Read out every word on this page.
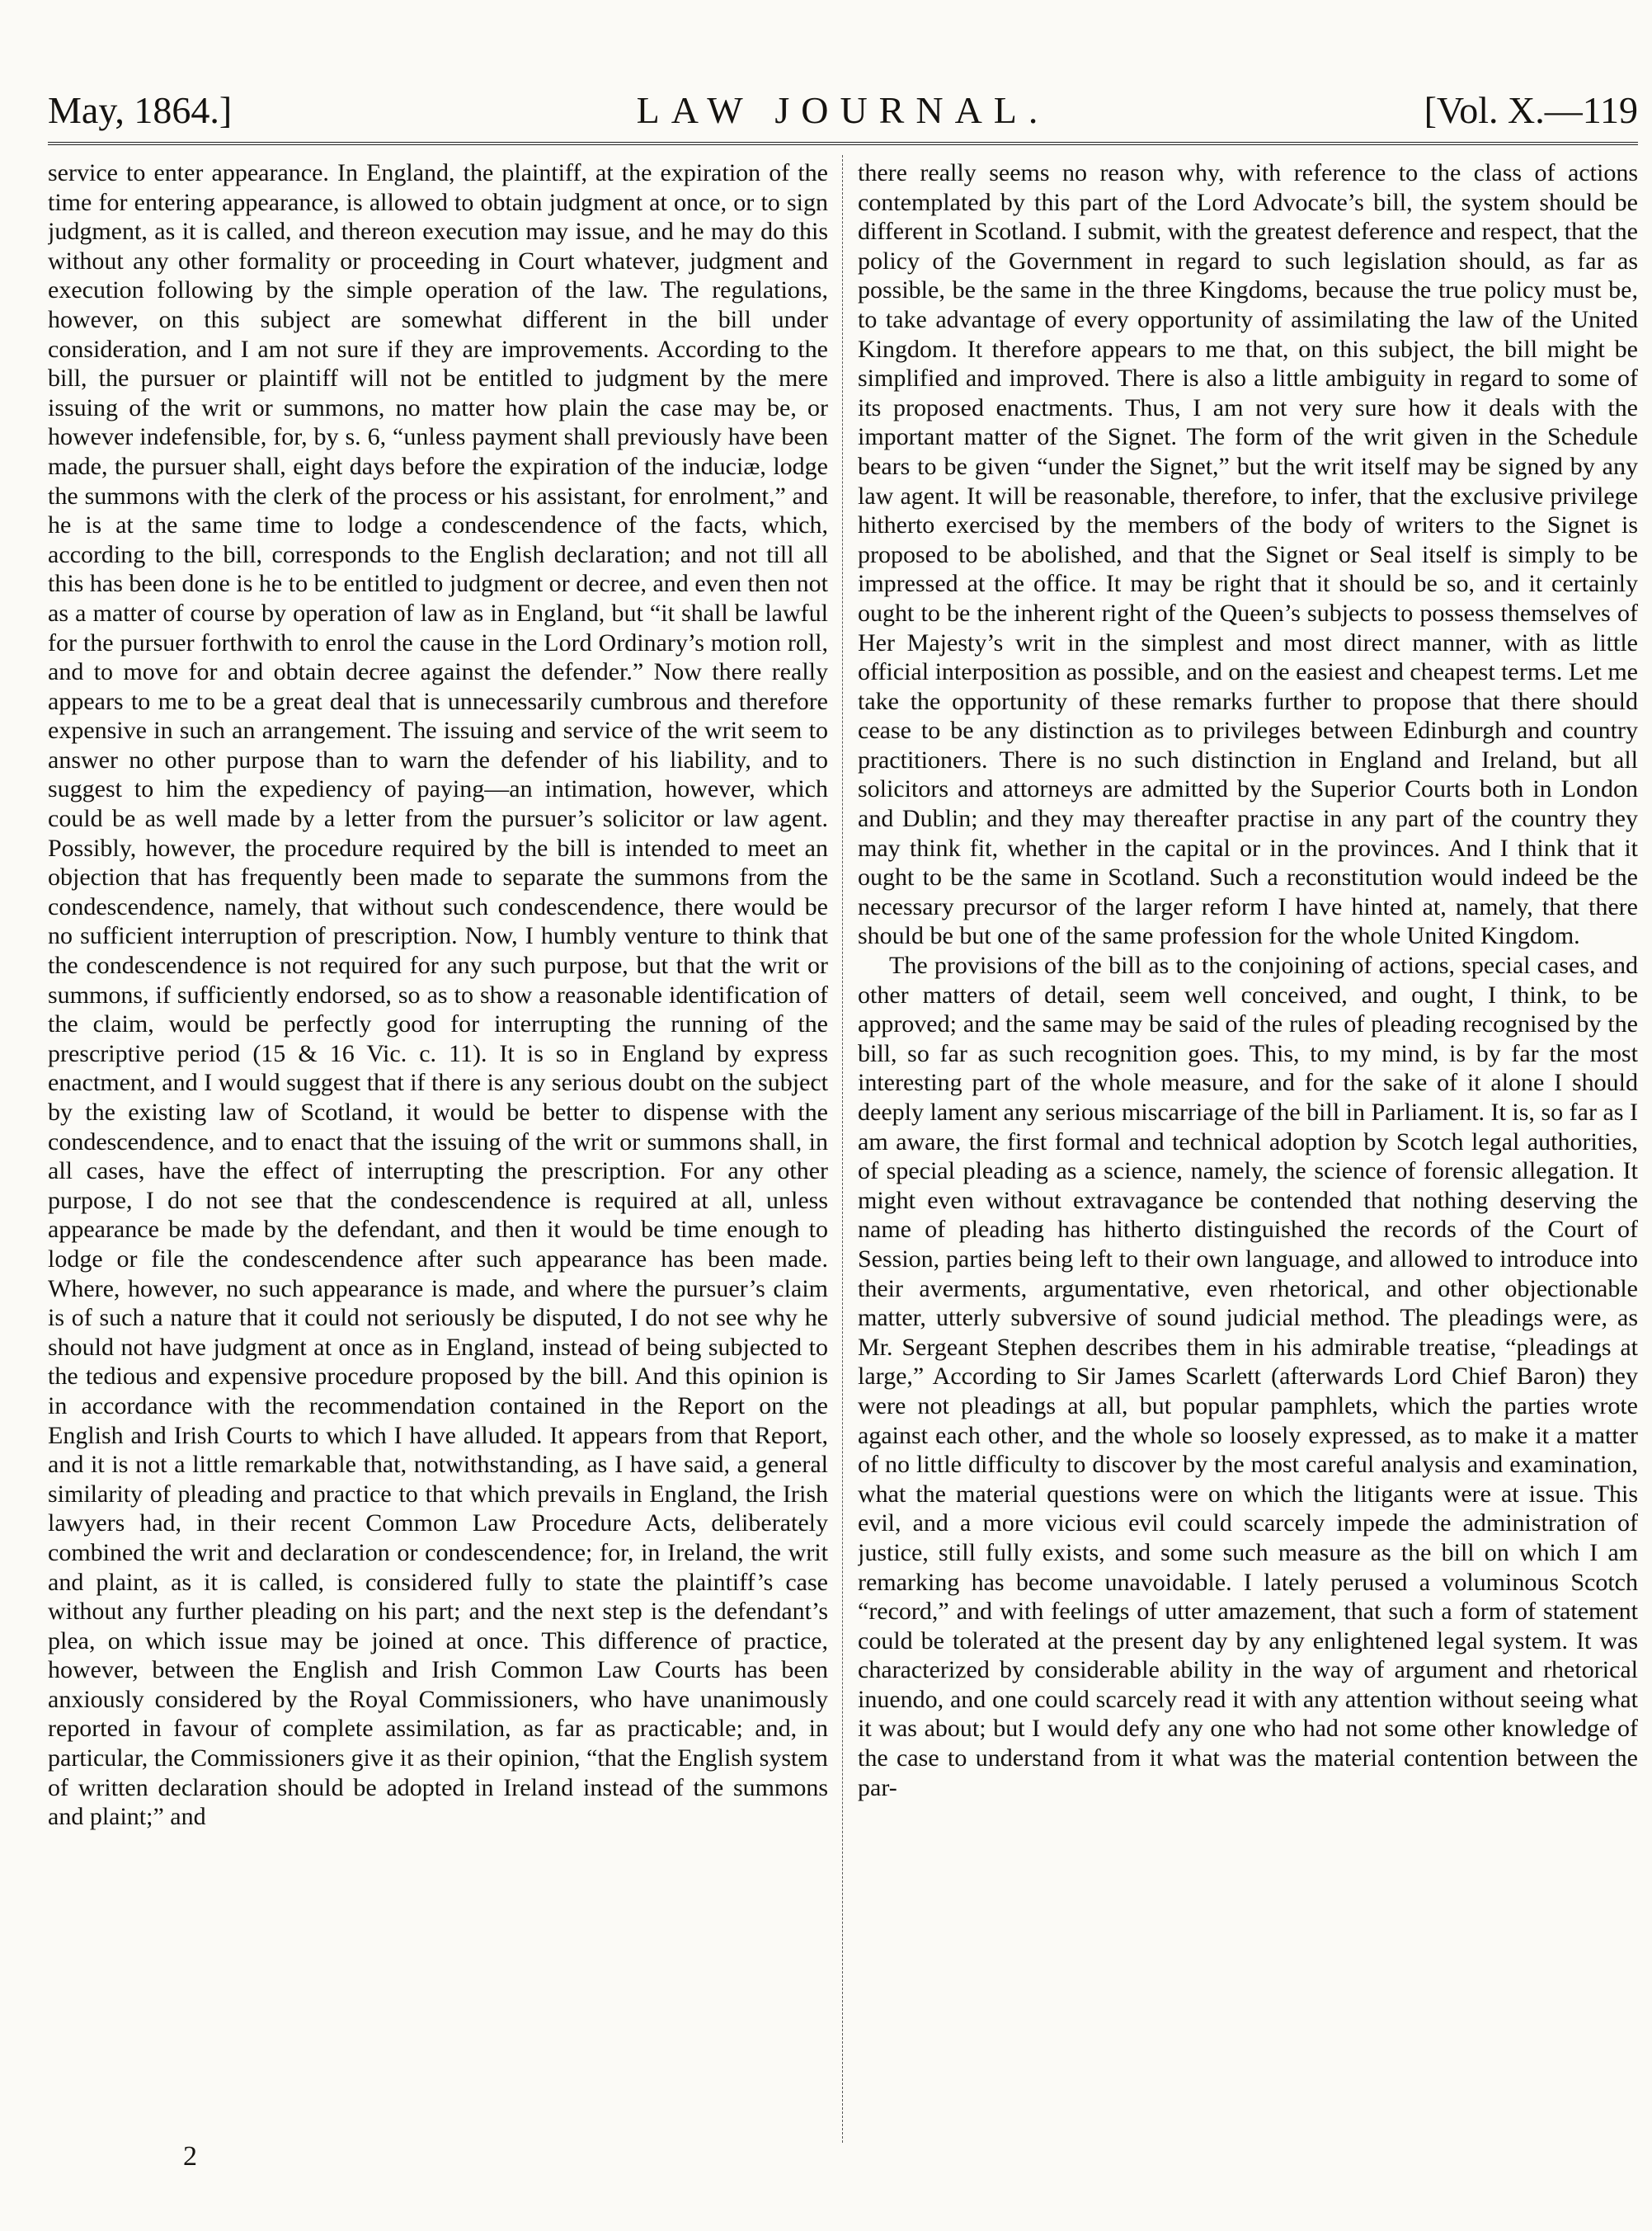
May, 1864.]	LAW JOURNAL.	[Vol. X.—119

service to enter appearance. In England, the plaintiff, at the expiration of the time for entering appearance, is allowed to obtain judgment at once, or to sign judgment, as it is called, and thereon execution may issue, and he may do this without any other formality or proceeding in Court whatever, judgment and execution following by the simple operation of the law. The regulations, however, on this subject are somewhat different in the bill under consideration, and I am not sure if they are improvements. According to the bill, the pursuer or plaintiff will not be entitled to judgment by the mere issuing of the writ or summons, no matter how plain the case may be, or however indefensible, for, by s. 6, “unless payment shall previously have been made, the pursuer shall, eight days before the expiration of the induciæ, lodge the summons with the clerk of the process or his assistant, for enrolment,” and he is at the same time to lodge a condescendence of the facts, which, according to the bill, corresponds to the English declaration; and not till all this has been done is he to be entitled to judgment or decree, and even then not as a matter of course by operation of law as in England, but “it shall be lawful for the pursuer forthwith to enrol the cause in the Lord Ordinary’s motion roll, and to move for and obtain decree against the defender.” Now there really appears to me to be a great deal that is unnecessarily cumbrous and therefore expensive in such an arrangement. The issuing and service of the writ seem to answer no other purpose than to warn the defender of his liability, and to suggest to him the expediency of paying—an intimation, however, which could be as well made by a letter from the pursuer’s solicitor or law agent. Possibly, however, the procedure required by the bill is intended to meet an objection that has frequently been made to separate the summons from the condescendence, namely, that without such condescendence, there would be no sufficient interruption of prescription. Now, I humbly venture to think that the condescendence is not required for any such purpose, but that the writ or summons, if sufficiently endorsed, so as to show a reasonable identification of the claim, would be perfectly good for interrupting the running of the prescriptive period (15 & 16 Vic. c. 11). It is so in England by express enactment, and I would suggest that if there is any serious doubt on the subject by the existing law of Scotland, it would be better to dispense with the condescendence, and to enact that the issuing of the writ or summons shall, in all cases, have the effect of interrupting the prescription. For any other purpose, I do not see that the condescendence is required at all, unless appearance be made by the defendant, and then it would be time enough to lodge or file the condescendence after such appearance has been made. Where, however, no such appearance is made, and where the pursuer’s claim is of such a nature that it could not seriously be disputed, I do not see why he should not have judgment at once as in England, instead of being subjected to the tedious and expensive procedure proposed by the bill. And this opinion is in accordance with the recommendation contained in the Report on the English and Irish Courts to which I have alluded. It appears from that Report, and it is not a little remarkable that, notwithstanding, as I have said, a general similarity of pleading and practice to that which prevails in England, the Irish lawyers had, in their recent Common Law Procedure Acts, deliberately combined the writ and declaration or condescendence; for, in Ireland, the writ and plaint, as it is called, is considered fully to state the plaintiff’s case without any further pleading on his part; and the next step is the defendant’s plea, on which issue may be joined at once. This difference of practice, however, between the English and Irish Common Law Courts has been anxiously considered by the Royal Commissioners, who have unanimously reported in favour of complete assimilation, as far as practicable; and, in particular, the Commissioners give it as their opinion, “that the English system of written declaration should be adopted in Ireland instead of the summons and plaint;” and

there really seems no reason why, with reference to the class of actions contemplated by this part of the Lord Advocate’s bill, the system should be different in Scotland. I submit, with the greatest deference and respect, that the policy of the Government in regard to such legislation should, as far as possible, be the same in the three Kingdoms, because the true policy must be, to take advantage of every opportunity of assimilating the law of the United Kingdom. It therefore appears to me that, on this subject, the bill might be simplified and improved. There is also a little ambiguity in regard to some of its proposed enactments. Thus, I am not very sure how it deals with the important matter of the Signet. The form of the writ given in the Schedule bears to be given “under the Signet,” but the writ itself may be signed by any law agent. It will be reasonable, therefore, to infer, that the exclusive privilege hitherto exercised by the members of the body of writers to the Signet is proposed to be abolished, and that the Signet or Seal itself is simply to be impressed at the office. It may be right that it should be so, and it certainly ought to be the inherent right of the Queen’s subjects to possess themselves of Her Majesty’s writ in the simplest and most direct manner, with as little official interposition as possible, and on the easiest and cheapest terms. Let me take the opportunity of these remarks further to propose that there should cease to be any distinction as to privileges between Edinburgh and country practitioners. There is no such distinction in England and Ireland, but all solicitors and attorneys are admitted by the Superior Courts both in London and Dublin; and they may thereafter practise in any part of the country they may think fit, whether in the capital or in the provinces. And I think that it ought to be the same in Scotland. Such a reconstitution would indeed be the necessary precursor of the larger reform I have hinted at, namely, that there should be but one of the same profession for the whole United Kingdom.

The provisions of the bill as to the conjoining of actions, special cases, and other matters of detail, seem well conceived, and ought, I think, to be approved; and the same may be said of the rules of pleading recognised by the bill, so far as such recognition goes. This, to my mind, is by far the most interesting part of the whole measure, and for the sake of it alone I should deeply lament any serious miscarriage of the bill in Parliament. It is, so far as I am aware, the first formal and technical adoption by Scotch legal authorities, of special pleading as a science, namely, the science of forensic allegation. It might even without extravagance be contended that nothing deserving the name of pleading has hitherto distinguished the records of the Court of Session, parties being left to their own language, and allowed to introduce into their averments, argumentative, even rhetorical, and other objectionable matter, utterly subversive of sound judicial method. The pleadings were, as Mr. Sergeant Stephen describes them in his admirable treatise, “pleadings at large,” According to Sir James Scarlett (afterwards Lord Chief Baron) they were not pleadings at all, but popular pamphlets, which the parties wrote against each other, and the whole so loosely expressed, as to make it a matter of no little difficulty to discover by the most careful analysis and examination, what the material questions were on which the litigants were at issue. This evil, and a more vicious evil could scarcely impede the administration of justice, still fully exists, and some such measure as the bill on which I am remarking has become unavoidable. I lately perused a voluminous Scotch “record,” and with feelings of utter amazement, that such a form of statement could be tolerated at the present day by any enlightened legal system. It was characterized by considerable ability in the way of argument and rhetorical inuendo, and one could scarcely read it with any attention without seeing what it was about; but I would defy any one who had not some other knowledge of the case to understand from it what was the material contention between the par-

2
